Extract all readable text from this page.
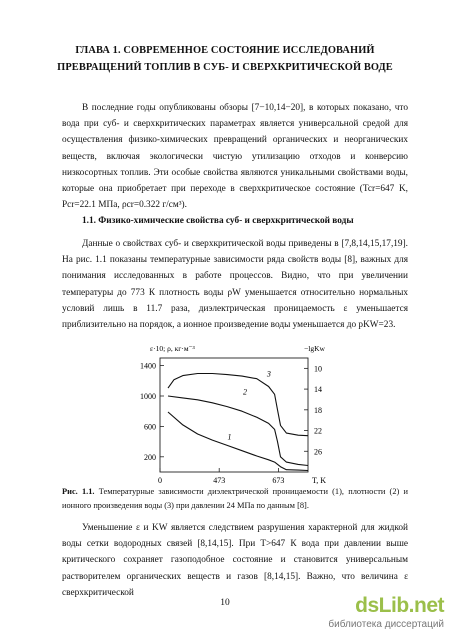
ГЛАВА 1. СОВРЕМЕННОЕ СОСТОЯНИЕ ИССЛЕДОВАНИЙ
ПРЕВРАЩЕНИЙ ТОПЛИВ В СУБ- И СВЕРХКРИТИЧЕСКОЙ ВОДЕ
В последние годы опубликованы обзоры [7−10,14−20], в которых показано, что вода при суб- и сверхкритических параметрах является универсальной средой для осуществления физико-химических превращений органических и неорганических веществ, включая экологически чистую утилизацию отходов и конверсию низкосортных топлив. Эти особые свойства являются уникальными свойствами воды, которые она приобретает при переходе в сверхкритическое состояние (Tcr=647 K, Pcr=22.1 МПа, ρcr=0.322 г/см³).
1.1. Физико-химические свойства суб- и сверхкритической воды
Данные о свойствах суб- и сверхкритической воды приведены в [7,8,14,15,17,19]. На рис. 1.1 показаны температурные зависимости ряда свойств воды [8], важных для понимания исследованных в работе процессов. Видно, что при увеличении температуры до 773 К плотность воды ρW уменьшается относительно нормальных условий лишь в 11.7 раза, диэлектрическая проницаемость ε уменьшается приблизительно на порядок, а ионное произведение воды уменьшается до pKW=23.
0	473	673	T, K
1400
1000
600
200
ε·10; ρ, кг·м⁻³
10
14
18
22
26
−lgKw
1
2
3
Рис. 1.1. Температурные зависимости диэлектрической проницаемости (1), плотности (2) и ионного произведения воды (3) при давлении 24 МПа по данным [8].
Уменьшение ε и KW является следствием разрушения характерной для жидкой воды сетки водородных связей [8,14,15]. При T>647 К вода при давлении выше критического сохраняет газоподобное состояние и становится универсальным растворителем органических веществ и газов [8,14,15]. Важно, что величина ε сверхкритической
10	dsLib.net
библиотека диссертаций
